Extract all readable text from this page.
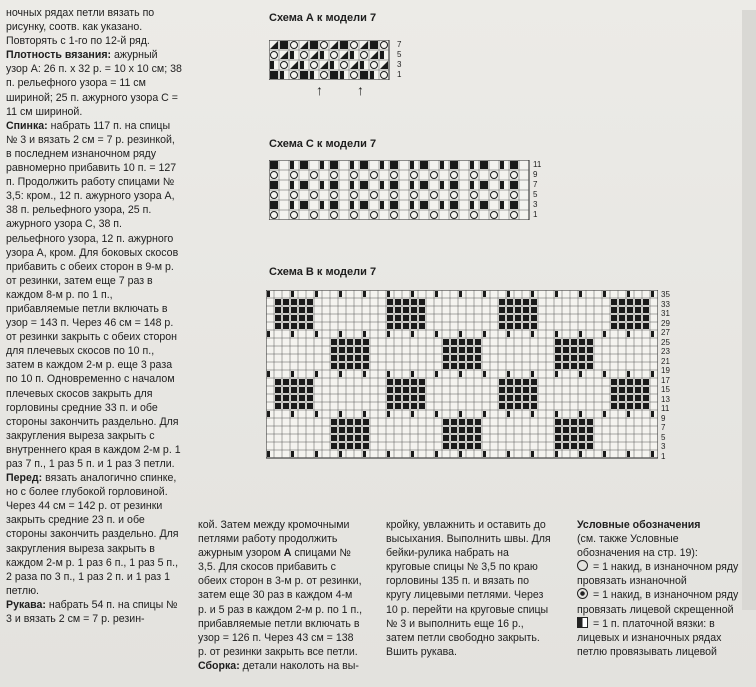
ночных рядах петли вязать по рисунку, соотв. как указано. Повторять с 1-го по 12-й ряд.

Плотность вязания: ажурный узор А: 26 п. х 32 р. = 10 х 10 см; 38 п. рельефного узора = 11 см шириной; 25 п. ажурного узора С = 11 см шириной.

Спинка: набрать 117 п. на спицы № 3 и вязать 2 см = 7 р. резинкой, в последнем изнаночном ряду равномерно прибавить 10 п. = 127 п. Продолжить работу спицами № 3,5: кром., 12 п. ажурного узора А, 38 п. рельефного узора, 25 п. ажурного узора С, 38 п. рельефного узора, 12 п. ажурного узора А, кром. Для боковых скосов прибавить с обеих сторон в 9-м р. от резинки, затем еще 7 раз в каждом 8-м р. по 1 п., прибавляемые петли включать в узор = 143 п. Через 46 см = 148 р. от резинки закрыть с обеих сторон для плечевых скосов по 10 п., затем в каждом 2-м р. еще 3 раза по 10 п. Одновременно с началом плечевых скосов закрыть для горловины средние 33 п. и обе стороны закончить раздельно. Для закругления выреза закрыть с внутреннего края в каждом 2-м р. 1 раз 7 п., 1 раз 5 п. и 1 раз 3 петли.

Перед: вязать аналогично спинке, но с более глубокой горловиной. Через 44 см = 142 р. от резинки закрыть средние 23 п. и обе стороны закончить раздельно. Для закругления выреза закрыть в каждом 2-м р. 1 раз 6 п., 1 раз 5 п., 2 раза по 3 п., 1 раз 2 п. и 1 раз 1 петлю.

Рукава: набрать 54 п. на спицы № 3 и вязать 2 см = 7 р. резин-

Схема А к модели 7
7
5
3
1
↑ ↑
Схема С к модели 7
11
9
7
5
3
1
Схема В к модели 7
35
33
31
29
27
25
23
21
19
17
15
13
11
9
7
5
3
1

кой. Затем между кромочными петлями работу продолжить ажурным узором А спицами № 3,5. Для скосов прибавить с обеих сторон в 3-м р. от резинки, затем еще 30 раз в каждом 4-м р. и 5 раз в каждом 2-м р. по 1 п., прибавляемые петли включать в узор = 126 п. Через 43 см = 138 р. от резинки закрыть все петли.

Сборка: детали наколоть на вы-

кройку, увлажнить и оставить до высыхания. Выполнить швы. Для бейки-рулика набрать на круговые спицы № 3,5 по краю горловины 135 п. и вязать по кругу лицевыми петлями. Через 10 р. перейти на круговые спицы № 3 и выполнить еще 16 р., затем петли свободно закрыть. Вшить рукава.

Условные обозначения

(см. также Условные обозначения на стр. 19):

= 1 накид, в изнаночном ряду провязать изнаночной

= 1 накид, в изнаночном ряду провязать лицевой скрещенной

= 1 п. платочной вязки: в лицевых и изнаночных рядах петлю провязывать лицевой
